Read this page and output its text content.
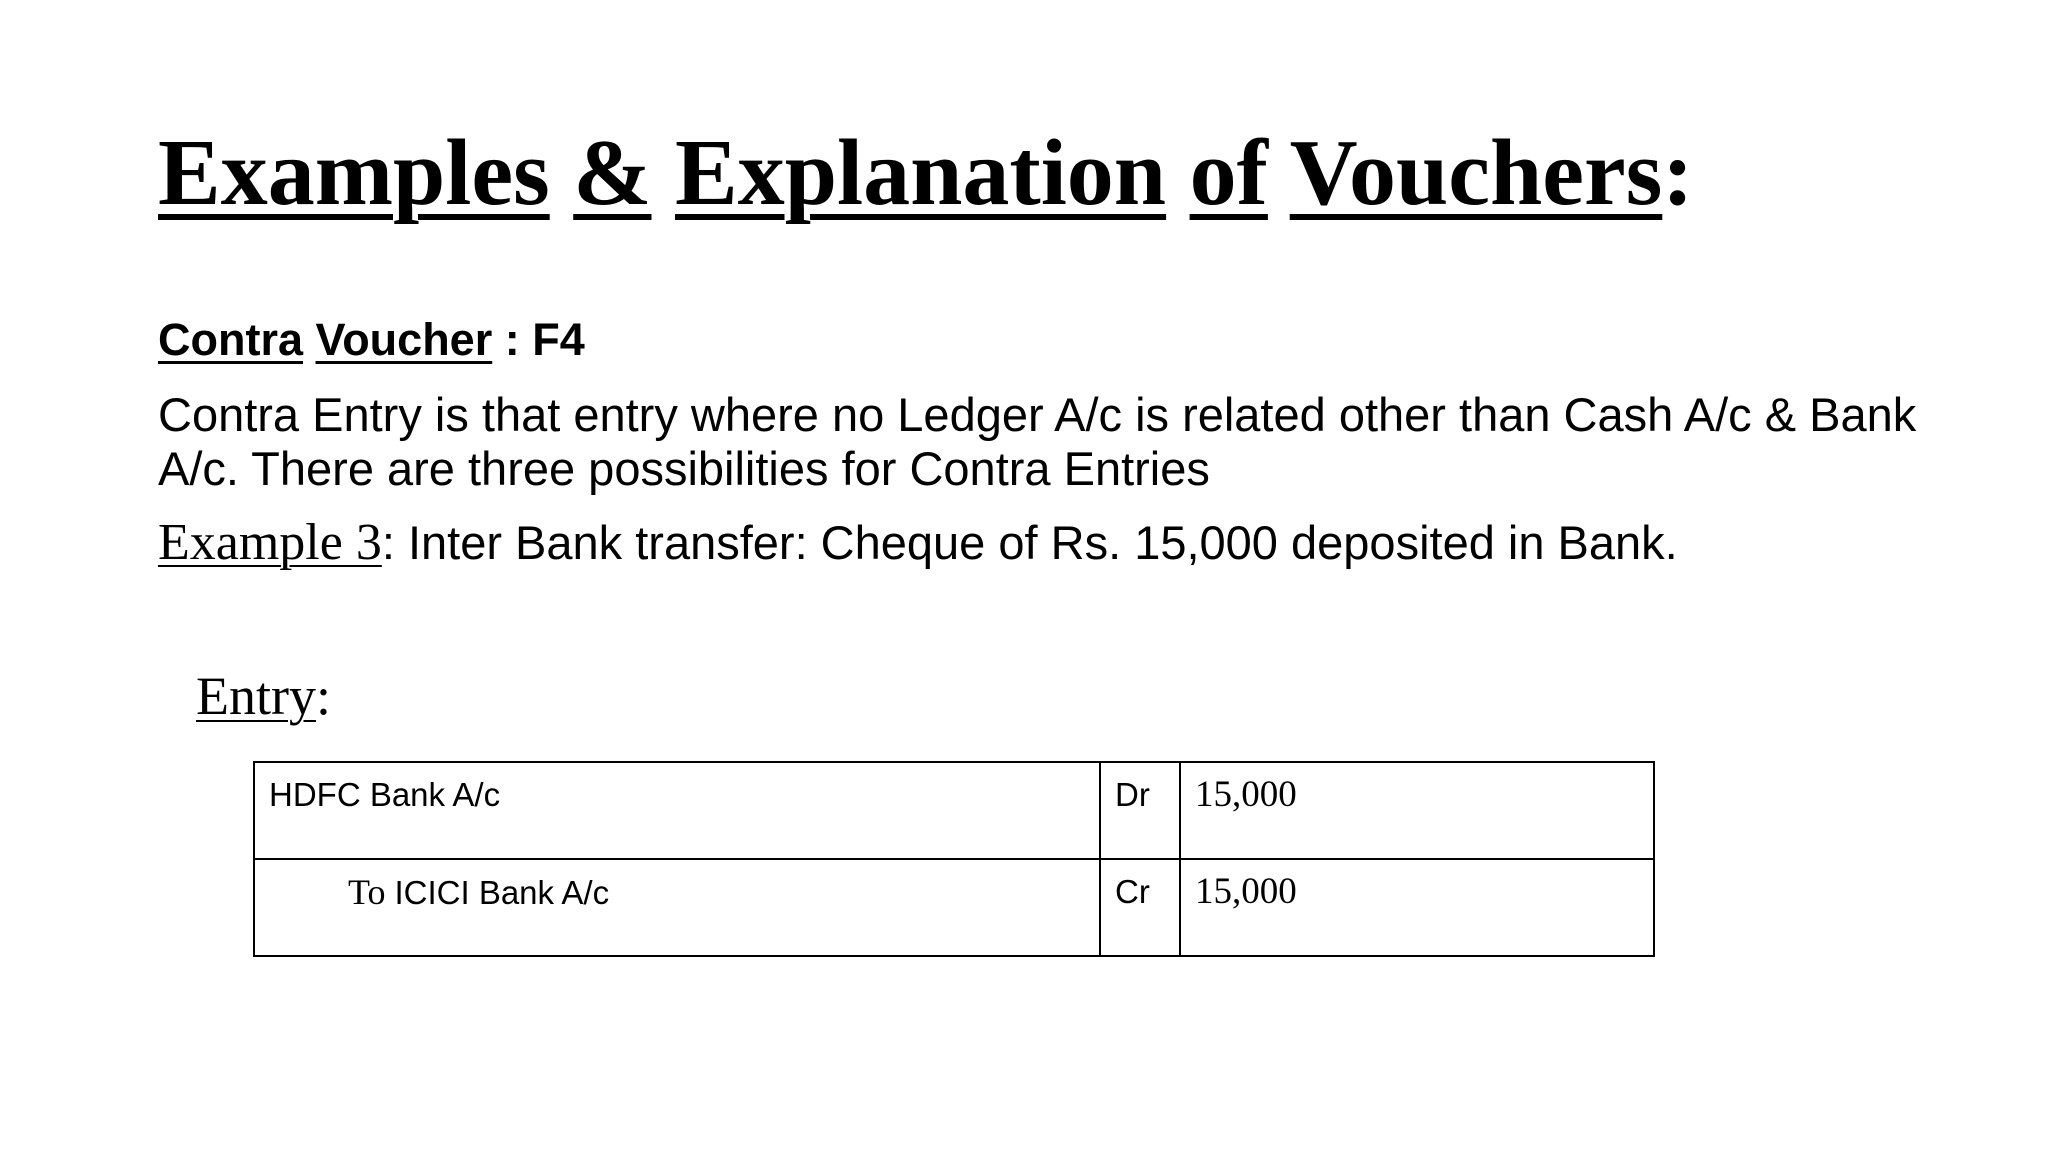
Examples & Explanation of Vouchers:
Contra Voucher : F4
Contra Entry is that entry where no Ledger A/c is related other than Cash A/c & Bank A/c. There are three possibilities for Contra Entries
Example 3: Inter Bank transfer: Cheque of Rs. 15,000 deposited in Bank.
Entry:
HDFC Bank A/c	Dr	15,000
To ICICI Bank A/c	Cr	15,000
